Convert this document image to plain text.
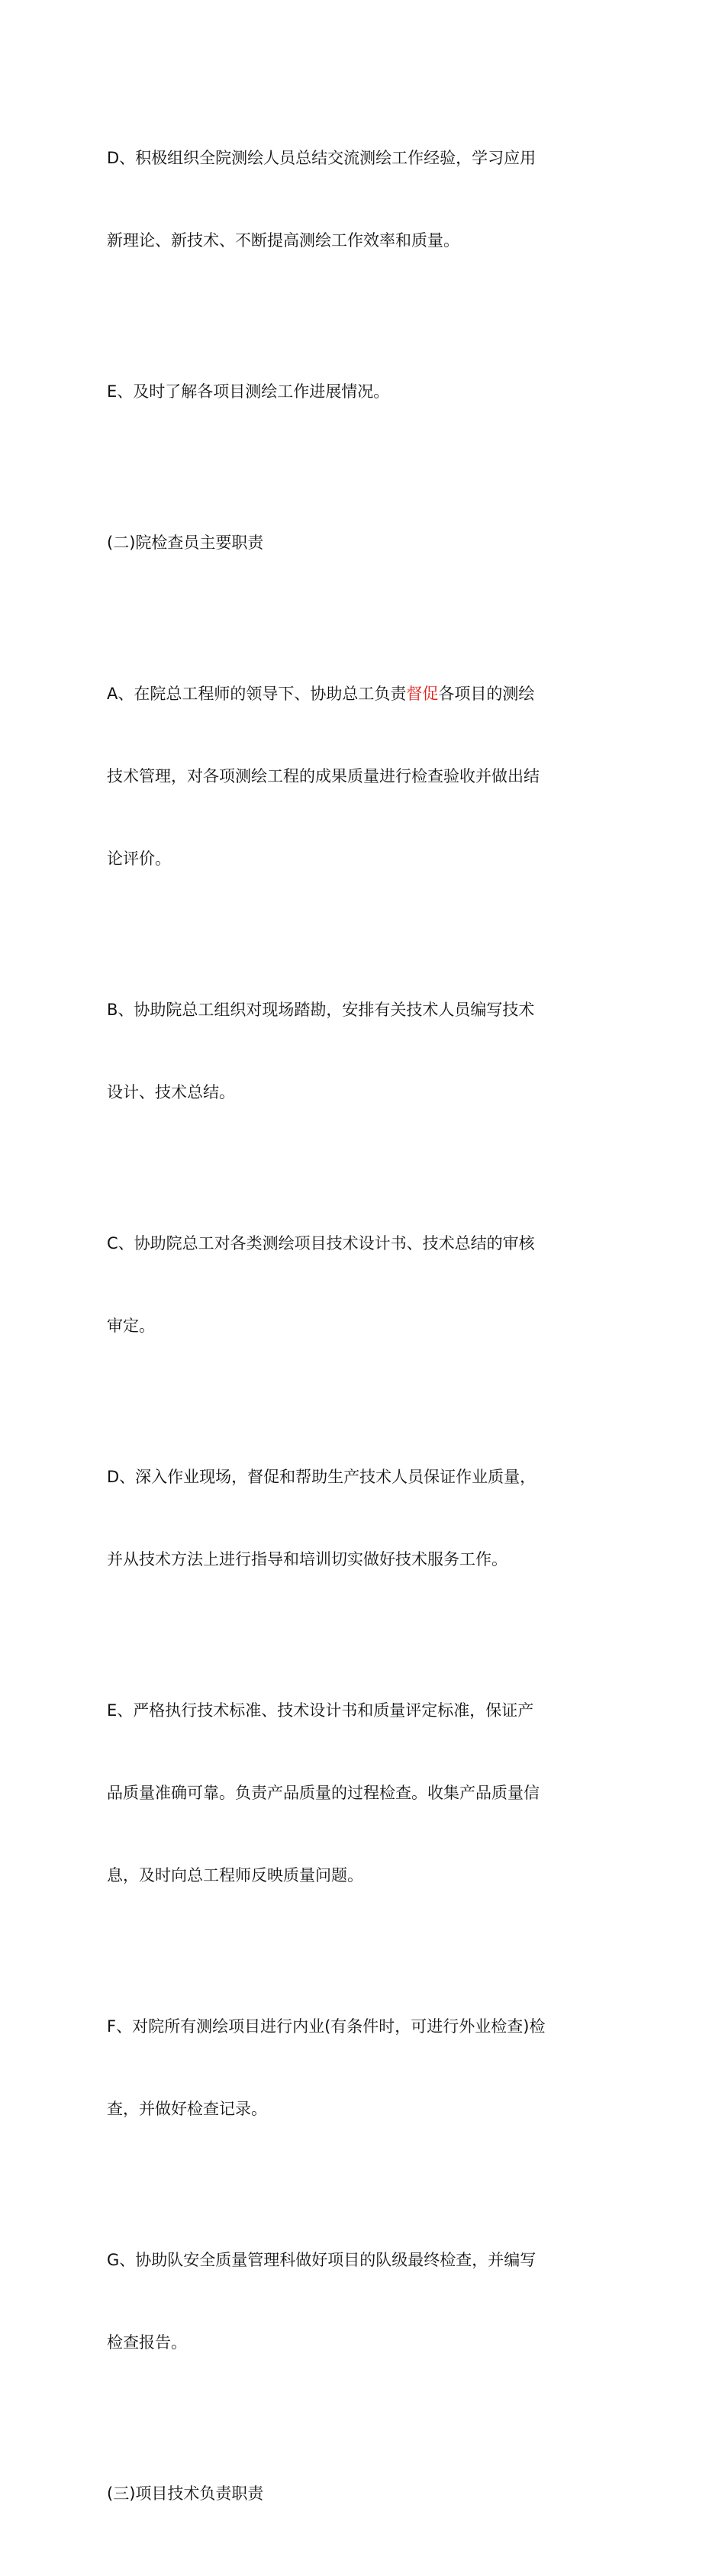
D、积极组织全院测绘人员总结交流测绘工作经验，学习应用

新理论、新技术、不断提高测绘工作效率和质量。

E、及时了解各项目测绘工作进展情况。

(二)院检查员主要职责

A、在院总工程师的领导下、协助总工负责督促各项目的测绘

技术管理，对各项测绘工程的成果质量进行检查验收并做出结

论评价。

B、协助院总工组织对现场踏勘，安排有关技术人员编写技术

设计、技术总结。

C、协助院总工对各类测绘项目技术设计书、技术总结的审核

审定。

D、深入作业现场，督促和帮助生产技术人员保证作业质量，

并从技术方法上进行指导和培训切实做好技术服务工作。

E、严格执行技术标准、技术设计书和质量评定标准，保证产

品质量准确可靠。负责产品质量的过程检查。收集产品质量信

息，及时向总工程师反映质量问题。

F、对院所有测绘项目进行内业(有条件时，可进行外业检查)检

查，并做好检查记录。

G、协助队安全质量管理科做好项目的队级最终检查，并编写

检查报告。

(三)项目技术负责职责
